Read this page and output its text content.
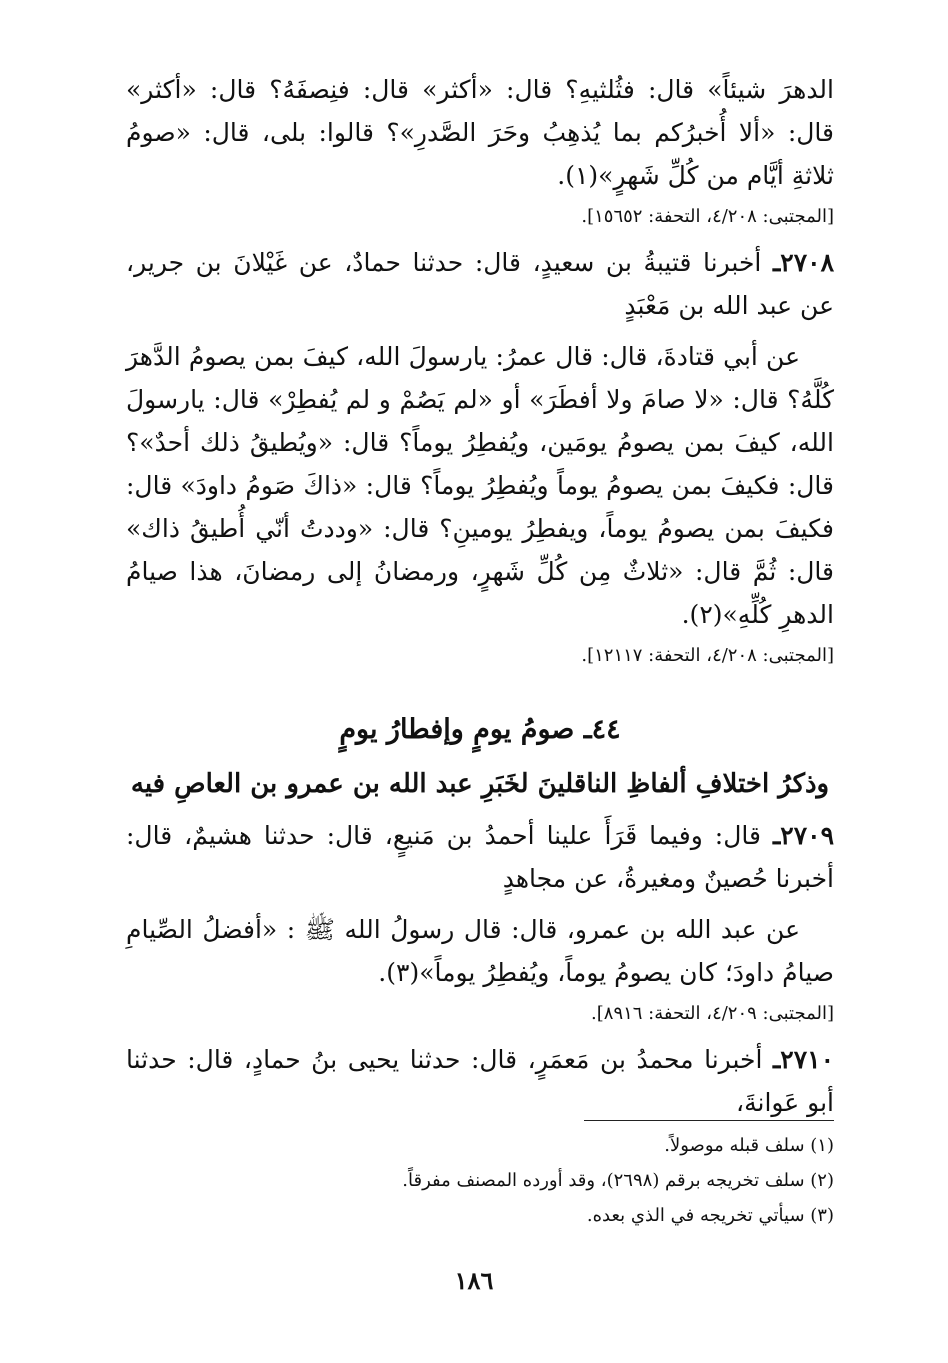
الدهرَ شيئاً» قال: فثُلثيهِ؟ قال: «أكثر» قال: فنِصفَهُ؟ قال: «أكثر» قال: «ألا أُخبرُكم بما يُذهِبُ وحَرَ الصَّدرِ»؟ قالوا: بلى، قال: «صومُ ثلاثةِ أيَّام من كُلِّ شَهرٍ»(١).

[المجتبى: ٤/٢٠٨، التحفة: ١٥٦٥٢].

٢٧٠٨ـ أخبرنا قتيبةُ بن سعيدٍ، قال: حدثنا حمادٌ، عن غَيْلانَ بن جرير، عن عبد الله بن مَعْبَدٍ

عن أبي قتادةَ، قال: قال عمرُ: يارسولَ الله، كيفَ بمن يصومُ الدَّهرَ كُلَّهُ؟ قال: «لا صامَ ولا أفطَرَ» أو «لم يَصُمْ و لم يُفطِرْ» قال: يارسولَ الله، كيفَ بمن يصومُ يومَين، ويُفطِرُ يوماً؟ قال: «ويُطيقُ ذلك أحدٌ»؟ قال: فكيفَ بمن يصومُ يوماً ويُفطِرُ يوماً؟ قال: «ذاكَ صَومُ داودَ» قال: فكيفَ بمن يصومُ يوماً، ويفطِرُ يومينِ؟ قال: «وددتُ أنّي أُطيقُ ذاك» قال: ثُمَّ قال: «ثلاثٌ مِن كُلِّ شَهرٍ، ورمضانُ إلى رمضانَ، هذا صيامُ الدهرِ كُلِّهِ»(٢).

[المجتبى: ٤/٢٠٨، التحفة: ١٢١١٧].

٤٤ـ صومُ يومٍ وإفطارُ يومٍ
وذكرُ اختلافِ ألفاظِ الناقلينَ لخَبَرِ عبد الله بن عمرو بن العاصِ فيه

٢٧٠٩ـ قال: وفيما قَرَأَ علينا أحمدُ بن مَنيعٍ، قال: حدثنا هشيمٌ، قال: أخبرنا حُصينٌ ومغيرةُ، عن مجاهدٍ

عن عبد الله بن عمرو، قال: قال رسولُ الله ﷺ : «أفضلُ الصِّيامِ صيامُ داودَ؛ كان يصومُ يوماً، ويُفطِرُ يوماً»(٣).

[المجتبى: ٤/٢٠٩، التحفة: ٨٩١٦].

٢٧١٠ـ أخبرنا محمدُ بن مَعمَرٍ، قال: حدثنا يحيى بنُ حمادٍ، قال: حدثنا أبو عَوانةَ،

(١) سلف قبله موصولاً.
(٢) سلف تخريجه برقم (٢٦٩٨)، وقد أورده المصنف مفرقاً.
(٣) سيأتي تخريجه في الذي بعده.
١٨٦
